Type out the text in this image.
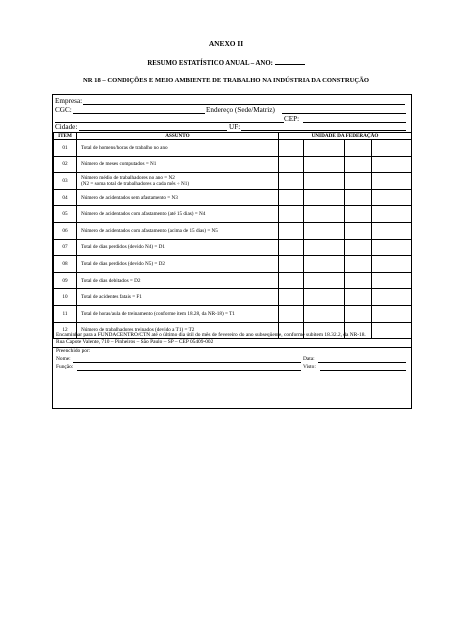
ANEXO II
RESUMO ESTATÍSTICO ANUAL – ANO:
NR 18 – CONDIÇÕES E MEIO AMBIENTE DE TRABALHO NA INDÚSTRIA DA CONSTRUÇÃO
Empresa:
CGC:	Endereço (Sede/Matriz)
CEP:
Cidade:	UF:
ITEM	ASSUNTO	UNIDADE DA FEDERAÇÃO			
01	Total de homens/horas de trabalho no ano				

02	Número de meses computados = N1				

03	Número médio de trabalhadores no ano = N2
(N2 = soma total de trabalhadores a cada mês ÷ N1)				

04	Número de acidentados sem afastamento = N3				

05	Número de acidentados com afastamento (até 15 dias) = N4				

06	Número de acidentados com afastamento (acima de 15 dias) = N5				

07	Total de dias perdidos (devido N4) = D1				

08	Total de dias perdidos (devido N5) = D2				

09	Total de dias debitados = D2				

10	Total de acidentes fatais = F1				

11	Total de horas/aula de treinamento (conforme item 18.28, da NR-18) = T1				

12	Número de trabalhadores treinados (devido a T1) = T2				

Encaminhar para a FUNDACENTRO/CTN até o último dia útil do mês de fevereiro do ano subseqüente, conforme subitem 18.32.2, da NR-18.
Rua Capote Valente, 710 – Pinheiros – São Paulo – SP – CEP 05409-002
Preenchido por:
Nome:	Data:
Função:	Visto:
